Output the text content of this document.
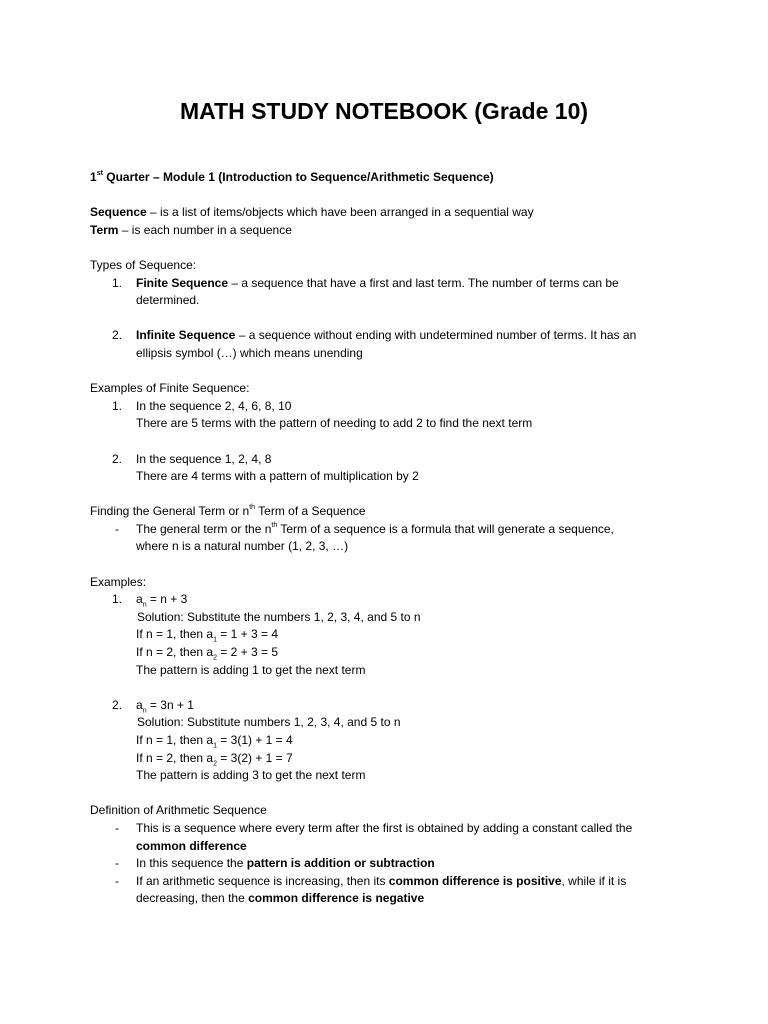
MATH STUDY NOTEBOOK (Grade 10)
1st Quarter – Module 1 (Introduction to Sequence/Arithmetic Sequence)
Sequence – is a list of items/objects which have been arranged in a sequential way
Term – is each number in a sequence
Types of Sequence:
1. Finite Sequence – a sequence that have a first and last term. The number of terms can be
determined.
2. Infinite Sequence – a sequence without ending with undetermined number of terms. It has an
ellipsis symbol (…) which means unending
Examples of Finite Sequence:
1. In the sequence 2, 4, 6, 8, 10
There are 5 terms with the pattern of needing to add 2 to find the next term
2. In the sequence 1, 2, 4, 8
There are 4 terms with a pattern of multiplication by 2
Finding the General Term or $n^{th}$ Term of a Sequence
- The general term or the $n^{th}$ Term of a sequence is a formula that will generate a sequence,
where n is a natural number (1, 2, 3, …)
Examples:
1. $a_n = n + 3$
Solution: Substitute the numbers 1, 2, 3, 4, and 5 to n
If n = 1, then $a_1 = 1 + 3 = 4$
If n = 2, then $a_2 = 2 + 3 = 5$
The pattern is adding 1 to get the next term
2. $a_n = 3n + 1$
Solution: Substitute numbers 1, 2, 3, 4, and 5 to n
If n = 1, then $a_1 = 3(1) + 1 = 4$
If n = 2, then $a_2 = 3(2) + 1 = 7$
The pattern is adding 3 to get the next term
Definition of Arithmetic Sequence
- This is a sequence where every term after the first is obtained by adding a constant called the
common difference
- In this sequence the pattern is addition or subtraction
- If an arithmetic sequence is increasing, then its common difference is positive, while if it is
decreasing, then the common difference is negative
